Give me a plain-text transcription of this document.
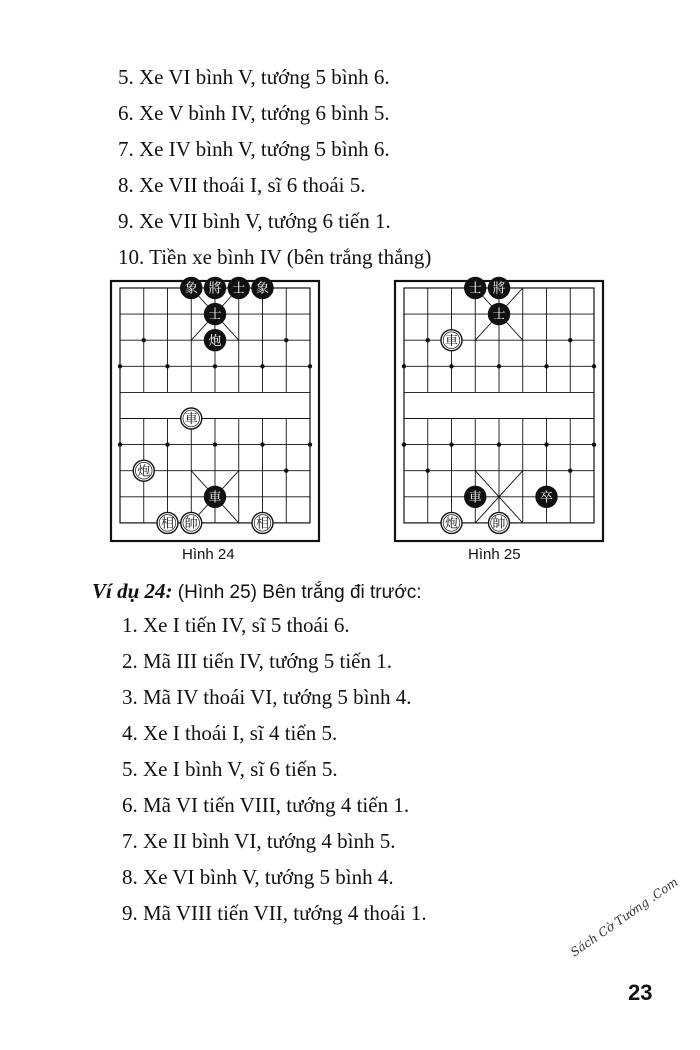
5. Xe VI bình V, tướng 5 bình 6.
6. Xe V bình IV, tướng 6 bình 5.
7. Xe IV bình V, tướng 5 bình 6.
8. Xe VII thoái I, sĩ 6 thoái 5.
9. Xe VII bình V, tướng 6 tiến 1.
10. Tiền xe bình IV (bên trắng thắng)
象 將 士 象
士
炮
車
炮
車
相 帥	相
士 將
士
車
車	卒
炮	帥
Hình 24	Hình 25
Ví dụ 24: (Hình 25) Bên trắng đi trước:
1. Xe I tiến IV, sĩ 5 thoái 6.
2. Mã III tiến IV, tướng 5 tiến 1.
3. Mã IV thoái VI, tướng 5 bình 4.
4. Xe I thoái I, sĩ 4 tiến 5.
5. Xe I bình V, sĩ 6 tiến 5.
6. Mã VI tiến VIII, tướng 4 tiến 1.
7. Xe II bình VI, tướng 4 bình 5.
8. Xe VI bình V, tướng 5 bình 4.
9. Mã VIII tiến VII, tướng 4 thoái 1.	Sách Cờ Tướng .Com
23
